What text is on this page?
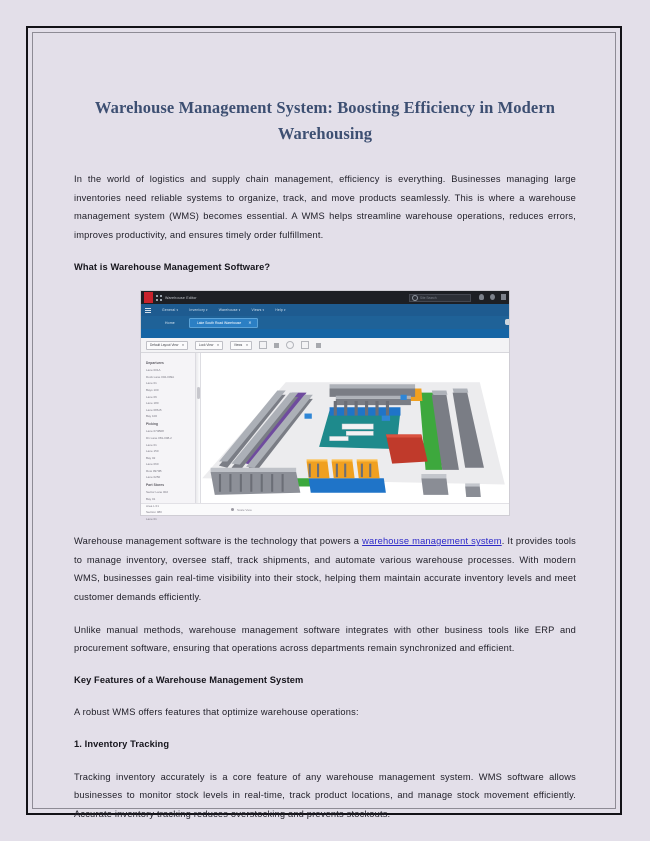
Warehouse Management System: Boosting Efficiency in Modern Warehousing

In the world of logistics and supply chain management, efficiency is everything. Businesses managing large inventories need reliable systems to organize, track, and move products seamlessly. This is where a warehouse management system (WMS) becomes essential. A WMS helps streamline warehouse operations, reduces errors, improves productivity, and ensures timely order fulfillment.

What is Warehouse Management Software?

Warehouse Editor	Site Search
General ▾	Inventory ▾	Warehouse ▾	Views ▾	Help ▾
Home	Lake South Road Warehouse ✕
Default Layout View ▾	Lock View ▾	Views ▾
Departures
Lane 001A
Dock Lane 002-009A
Lane 01
Bays 100
Lane 06
Lane 180
Lane 086-B
Bay 100
Picking
Lane 074B08
D1 Lane 081-008-2
Lane 01
Lane 150
Bay 02
Lane 060
Row 0970B
Lane 0250
Part Stores
Sector Lane 002
Bay 01
Area L 01
Section 080
Lane 01
Scale View

Warehouse management software is the technology that powers a warehouse management system. It provides tools to manage inventory, oversee staff, track shipments, and automate various warehouse processes. With modern WMS, businesses gain real-time visibility into their stock, helping them maintain accurate inventory levels and meet customer demands efficiently.

Unlike manual methods, warehouse management software integrates with other business tools like ERP and procurement software, ensuring that operations across departments remain synchronized and efficient.

Key Features of a Warehouse Management System

A robust WMS offers features that optimize warehouse operations:

1. Inventory Tracking

Tracking inventory accurately is a core feature of any warehouse management system. WMS software allows businesses to monitor stock levels in real-time, track product locations, and manage stock movement efficiently. Accurate inventory tracking reduces overstocking and prevents stockouts.
